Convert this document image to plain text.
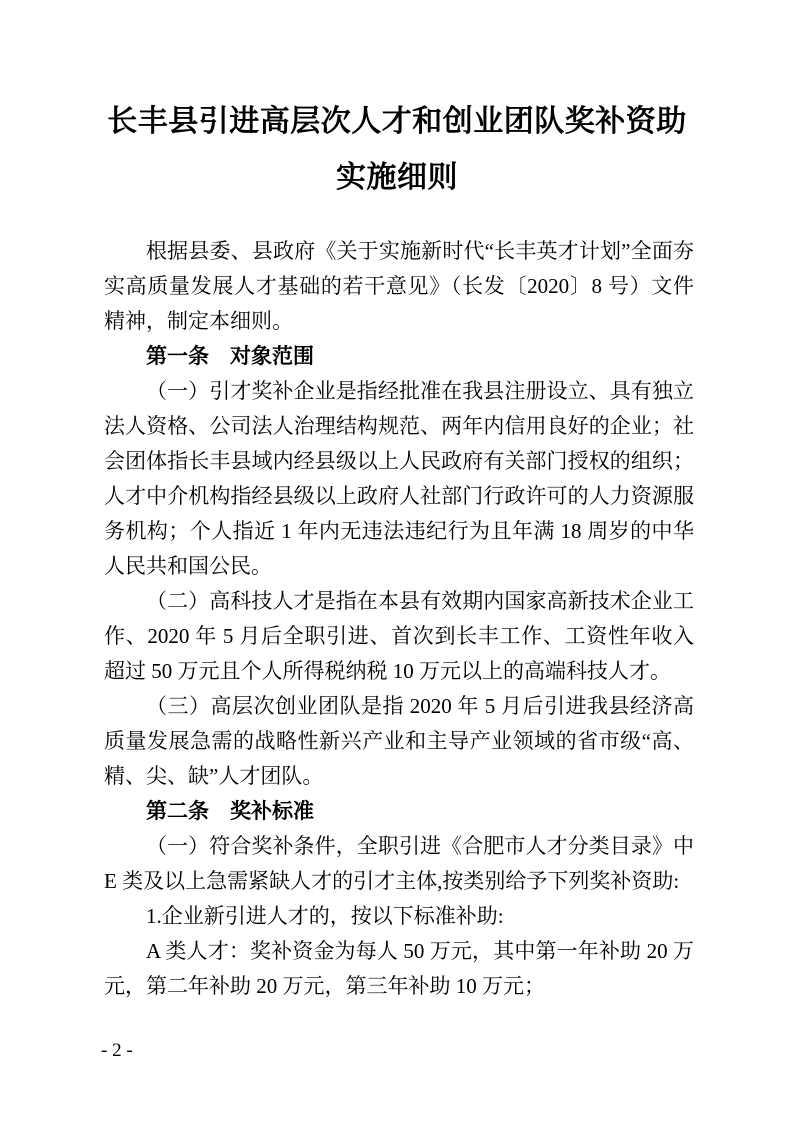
长丰县引进高层次人才和创业团队奖补资助
实施细则

根据县委、县政府《关于实施新时代“长丰英才计划”全面夯实高质量发展人才基础的若干意见》（长发〔2020〕8 号）文件精神，制定本细则。

第一条　对象范围

（一）引才奖补企业是指经批准在我县注册设立、具有独立法人资格、公司法人治理结构规范、两年内信用良好的企业；社会团体指长丰县域内经县级以上人民政府有关部门授权的组织；人才中介机构指经县级以上政府人社部门行政许可的人力资源服务机构；个人指近 1 年内无违法违纪行为且年满 18 周岁的中华人民共和国公民。

（二）高科技人才是指在本县有效期内国家高新技术企业工作、2020 年 5 月后全职引进、首次到长丰工作、工资性年收入超过 50 万元且个人所得税纳税 10 万元以上的高端科技人才。

（三）高层次创业团队是指 2020 年 5 月后引进我县经济高质量发展急需的战略性新兴产业和主导产业领域的省市级“高、精、尖、缺”人才团队。

第二条　奖补标准

（一）符合奖补条件，全职引进《合肥市人才分类目录》中 E 类及以上急需紧缺人才的引才主体,按类别给予下列奖补资助:

1.企业新引进人才的，按以下标准补助:

A 类人才：奖补资金为每人 50 万元，其中第一年补助 20 万元，第二年补助 20 万元，第三年补助 10 万元；

- 2 -
